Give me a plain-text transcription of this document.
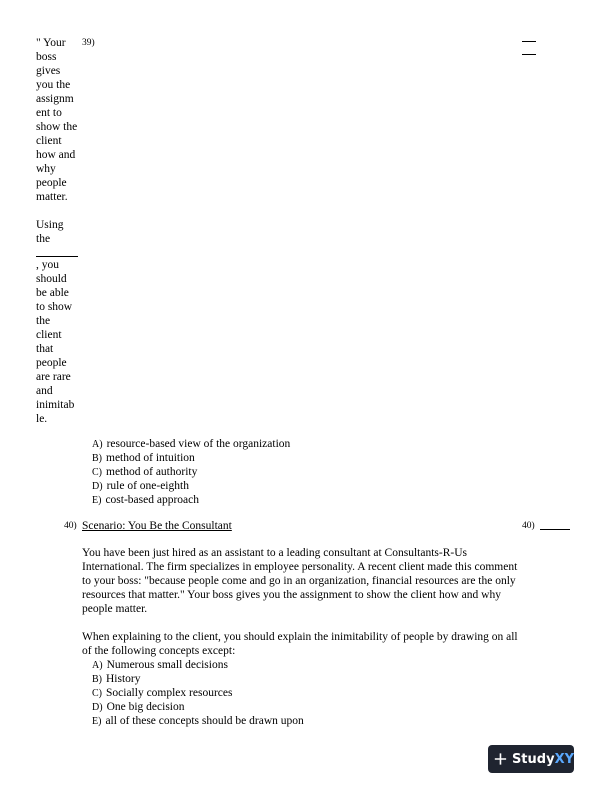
" Your boss gives you the assignm ent to show the client how and why people matter.
Using the
, you should be able to show the client that people are rare and inimitab le.
39)
A) resource-based view of the organization
B) method of intuition
C) method of authority
D) rule of one-eighth
E) cost-based approach
40) Scenario: You Be the Consultant	40)
You have been just hired as an assistant to a leading consultant at Consultants-R-Us International. The firm specializes in employee personality. A recent client made this comment to your boss: "because people come and go in an organization, financial resources are the only resources that matter." Your boss gives you the assignment to show the client how and why people matter.
When explaining to the client, you should explain the inimitability of people by drawing on all of the following concepts except:
A) Numerous small decisions
B) History
C) Socially complex resources
D) One big decision
E) all of these concepts should be drawn upon
Study XY
